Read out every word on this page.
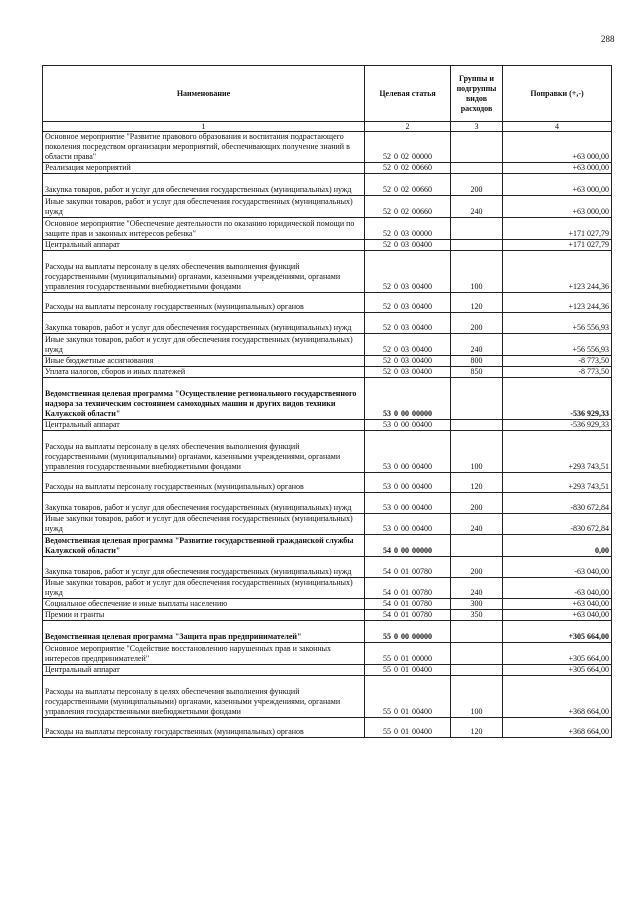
288
Наименование	Целевая статья	Группы и подгруппы видов расходов	Поправки (+,-)
1	2	3	4
Основное мероприятие "Развитие правового образования и воспитания подрастающего поколения посредством организации мероприятий, обеспечивающих получение знаний в области права"	52 0 02 00000		+63 000,00
Реализация мероприятий	52 0 02 00660		+63 000,00
Закупка товаров, работ и услуг для обеспечения государственных (муниципальных) нужд	52 0 02 00660	200	+63 000,00
Иные закупки товаров, работ и услуг для обеспечения государственных (муниципальных) нужд	52 0 02 00660	240	+63 000,00
Основное мероприятие "Обеспечение деятельности по оказанию юридической помощи по защите прав и законных интересов ребенка"	52 0 03 00000		+171 027,79
Центральный аппарат	52 0 03 00400		+171 027,79
Расходы на выплаты персоналу в целях обеспечения выполнения функций государственными (муниципальными) органами, казенными учреждениями, органами управления государственными внебюджетными фондами	52 0 03 00400	100	+123 244,36
Расходы на выплаты персоналу государственных (муниципальных) органов	52 0 03 00400	120	+123 244,36
Закупка товаров, работ и услуг для обеспечения государственных (муниципальных) нужд	52 0 03 00400	200	+56 556,93
Иные закупки товаров, работ и услуг для обеспечения государственных (муниципальных) нужд	52 0 03 00400	240	+56 556,93
Иные бюджетные ассигнования	52 0 03 00400	800	-8 773,50
Уплата налогов, сборов и иных платежей	52 0 03 00400	850	-8 773,50
Ведомственная целевая программа "Осуществление регионального государственного надзора за техническим состоянием самоходных машин и других видов техники Калужской области"	53 0 00 00000		-536 929,33
Центральный аппарат	53 0 00 00400		-536 929,33
Расходы на выплаты персоналу в целях обеспечения выполнения функций государственными (муниципальными) органами, казенными учреждениями, органами управления государственными внебюджетными фондами	53 0 00 00400	100	+293 743,51
Расходы на выплаты персоналу государственных (муниципальных) органов	53 0 00 00400	120	+293 743,51
Закупка товаров, работ и услуг для обеспечения государственных (муниципальных) нужд	53 0 00 00400	200	-830 672,84
Иные закупки товаров, работ и услуг для обеспечения государственных (муниципальных) нужд	53 0 00 00400	240	-830 672,84
Ведомственная целевая программа "Развитие государственной гражданской службы Калужской области"	54 0 00 00000		0,00
Закупка товаров, работ и услуг для обеспечения государственных (муниципальных) нужд	54 0 01 00780	200	-63 040,00
Иные закупки товаров, работ и услуг для обеспечения государственных (муниципальных) нужд	54 0 01 00780	240	-63 040,00
Социальное обеспечение и иные выплаты населению	54 0 01 00780	300	+63 040,00
Премии и гранты	54 0 01 00780	350	+63 040,00
Ведомственная целевая программа "Защита прав предпринимателей"	55 0 00 00000		+305 664,00
Основное мероприятие "Содействие восстановлению нарушенных прав и законных интересов предпринимателей"	55 0 01 00000		+305 664,00
Центральный аппарат	55 0 01 00400		+305 664,00
Расходы на выплаты персоналу в целях обеспечения выполнения функций государственными (муниципальными) органами, казенными учреждениями, органами управления государственными внебюджетными фондами	55 0 01 00400	100	+368 664,00
Расходы на выплаты персоналу государственных (муниципальных) органов	55 0 01 00400	120	+368 664,00
